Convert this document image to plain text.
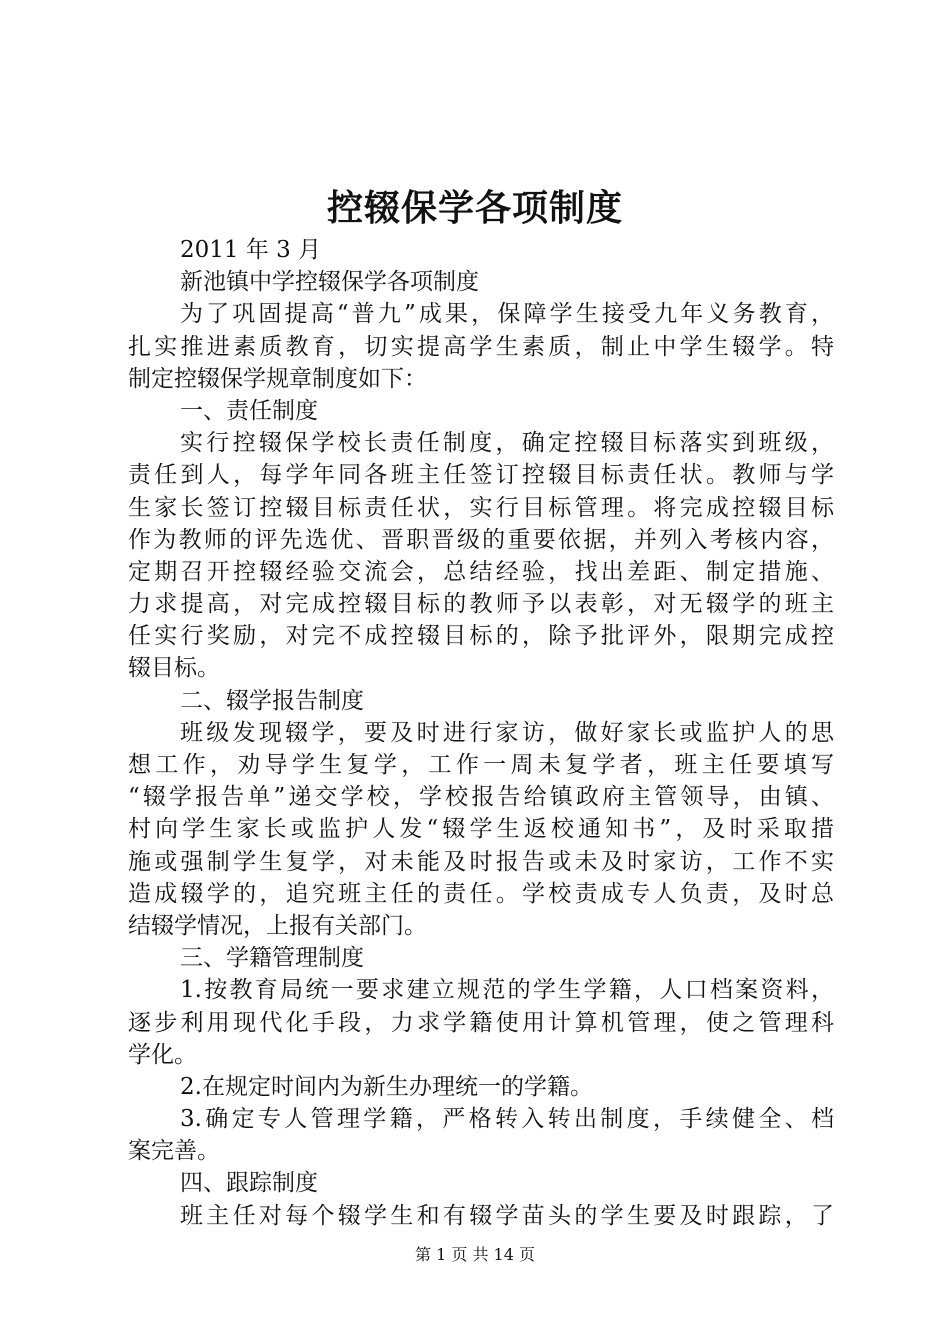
控辍保学各项制度
2011 年 3 月
新池镇中学控辍保学各项制度
为了巩固提高“普九”成果，保障学生接受九年义务教育，
扎实推进素质教育，切实提高学生素质，制止中学生辍学。特
制定控辍保学规章制度如下：
一、责任制度
实行控辍保学校长责任制度，确定控辍目标落实到班级，
责任到人，每学年同各班主任签订控辍目标责任状。教师与学
生家长签订控辍目标责任状，实行目标管理。将完成控辍目标
作为教师的评先选优、晋职晋级的重要依据，并列入考核内容，
定期召开控辍经验交流会，总结经验，找出差距、制定措施、
力求提高，对完成控辍目标的教师予以表彰，对无辍学的班主
任实行奖励，对完不成控辍目标的，除予批评外，限期完成控
辍目标。
二、辍学报告制度
班级发现辍学，要及时进行家访，做好家长或监护人的思
想工作，劝导学生复学，工作一周未复学者，班主任要填写
“辍学报告单”递交学校，学校报告给镇政府主管领导，由镇、
村向学生家长或监护人发“辍学生返校通知书”，及时采取措
施或强制学生复学，对未能及时报告或未及时家访，工作不实
造成辍学的，追究班主任的责任。学校责成专人负责，及时总
结辍学情况，上报有关部门。
三、学籍管理制度
1.按教育局统一要求建立规范的学生学籍，人口档案资料，
逐步利用现代化手段，力求学籍使用计算机管理，使之管理科
学化。
2.在规定时间内为新生办理统一的学籍。
3.确定专人管理学籍，严格转入转出制度，手续健全、档
案完善。
四、跟踪制度
班主任对每个辍学生和有辍学苗头的学生要及时跟踪，了
第 1 页 共 14 页
